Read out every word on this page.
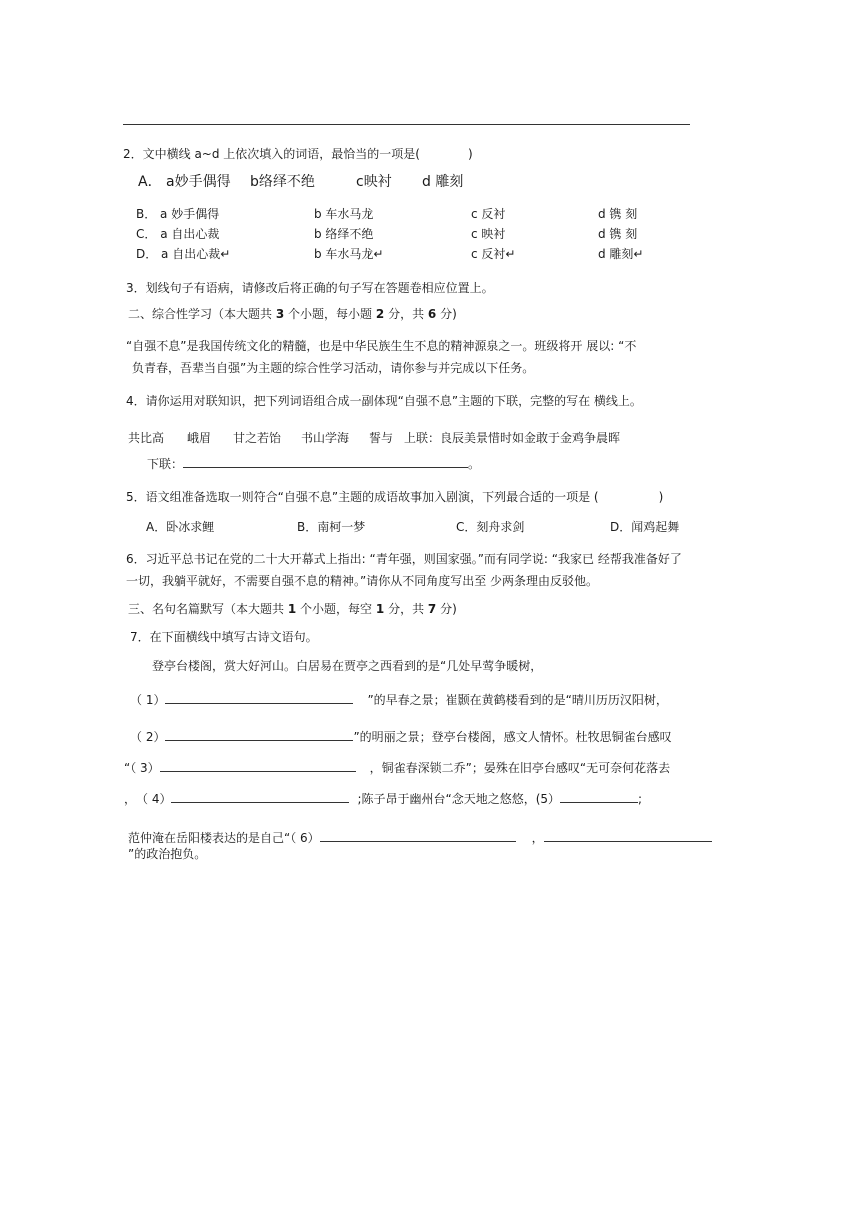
2．文中横线 a~d 上依次填入的词语，最恰当的一项是(　　　　)
A． a妙手偶得 b络绎不绝	c映衬 d 雕刻
B． a 妙手偶得	b 车水马龙	c 反衬	d 镌 刻
C． a 自出心裁	b 络绎不绝	c 映衬	d 镌 刻
D． a 自出心裁↵	b 车水马龙↵	c 反衬↵	d 雕刻↵
3．划线句子有语病，请修改后将正确的句子写在答题卷相应位置上。
二、综合性学习（本大题共 3 个小题，每小题 2 分，共 6 分)
“自强不息”是我国传统文化的精髓，也是中华民族生生不息的精神源泉之一。班级将开 展以: “不
负青春，吾辈当自强”为主题的综合性学习活动，请你参与并完成以下任务。
4．请你运用对联知识，把下列词语组合成一副体现“自强不息”主题的下联，完整的写在 横线上。
共比高 峨眉 甘之若饴 书山学海 誓与 上联：良辰美景惜时如金敢于金鸡争晨晖
下联：	。
5．语文组准备选取一则符合“自强不息”主题的成语故事加入剧演，下列最合适的一项是 (　　　　　)
A．卧冰求鲤	B．南柯一梦	C．刻舟求剑	D．闻鸡起舞
6．习近平总书记在党的二十大开幕式上指出: “青年强，则国家强。”而有同学说: “我家已 经帮我准备好了
一切，我躺平就好，不需要自强不息的精神。”请你从不同角度写出至 少两条理由反驳他。
三、名句名篇默写（本大题共 1 个小题，每空 1 分，共 7 分)
7．在下面横线中填写古诗文语句。
登亭台楼阁，赏大好河山。白居易在贾亭之西看到的是“几处早莺争暖树，
（ 1）	”的早春之景；崔颢在黄鹤楼看到的是“晴川历历汉阳树，
（ 2）	”的明丽之景；登亭台楼阁，感文人情怀。杜牧思铜雀台感叹
“（ 3）	，铜雀春深锁二乔”；晏殊在旧亭台感叹“无可奈何花落去
，　（ 4）	;陈子昂于幽州台“念天地之悠悠，(5）	;
范仲淹在岳阳楼表达的是自己“（ 6）	，
”的政治抱负。
